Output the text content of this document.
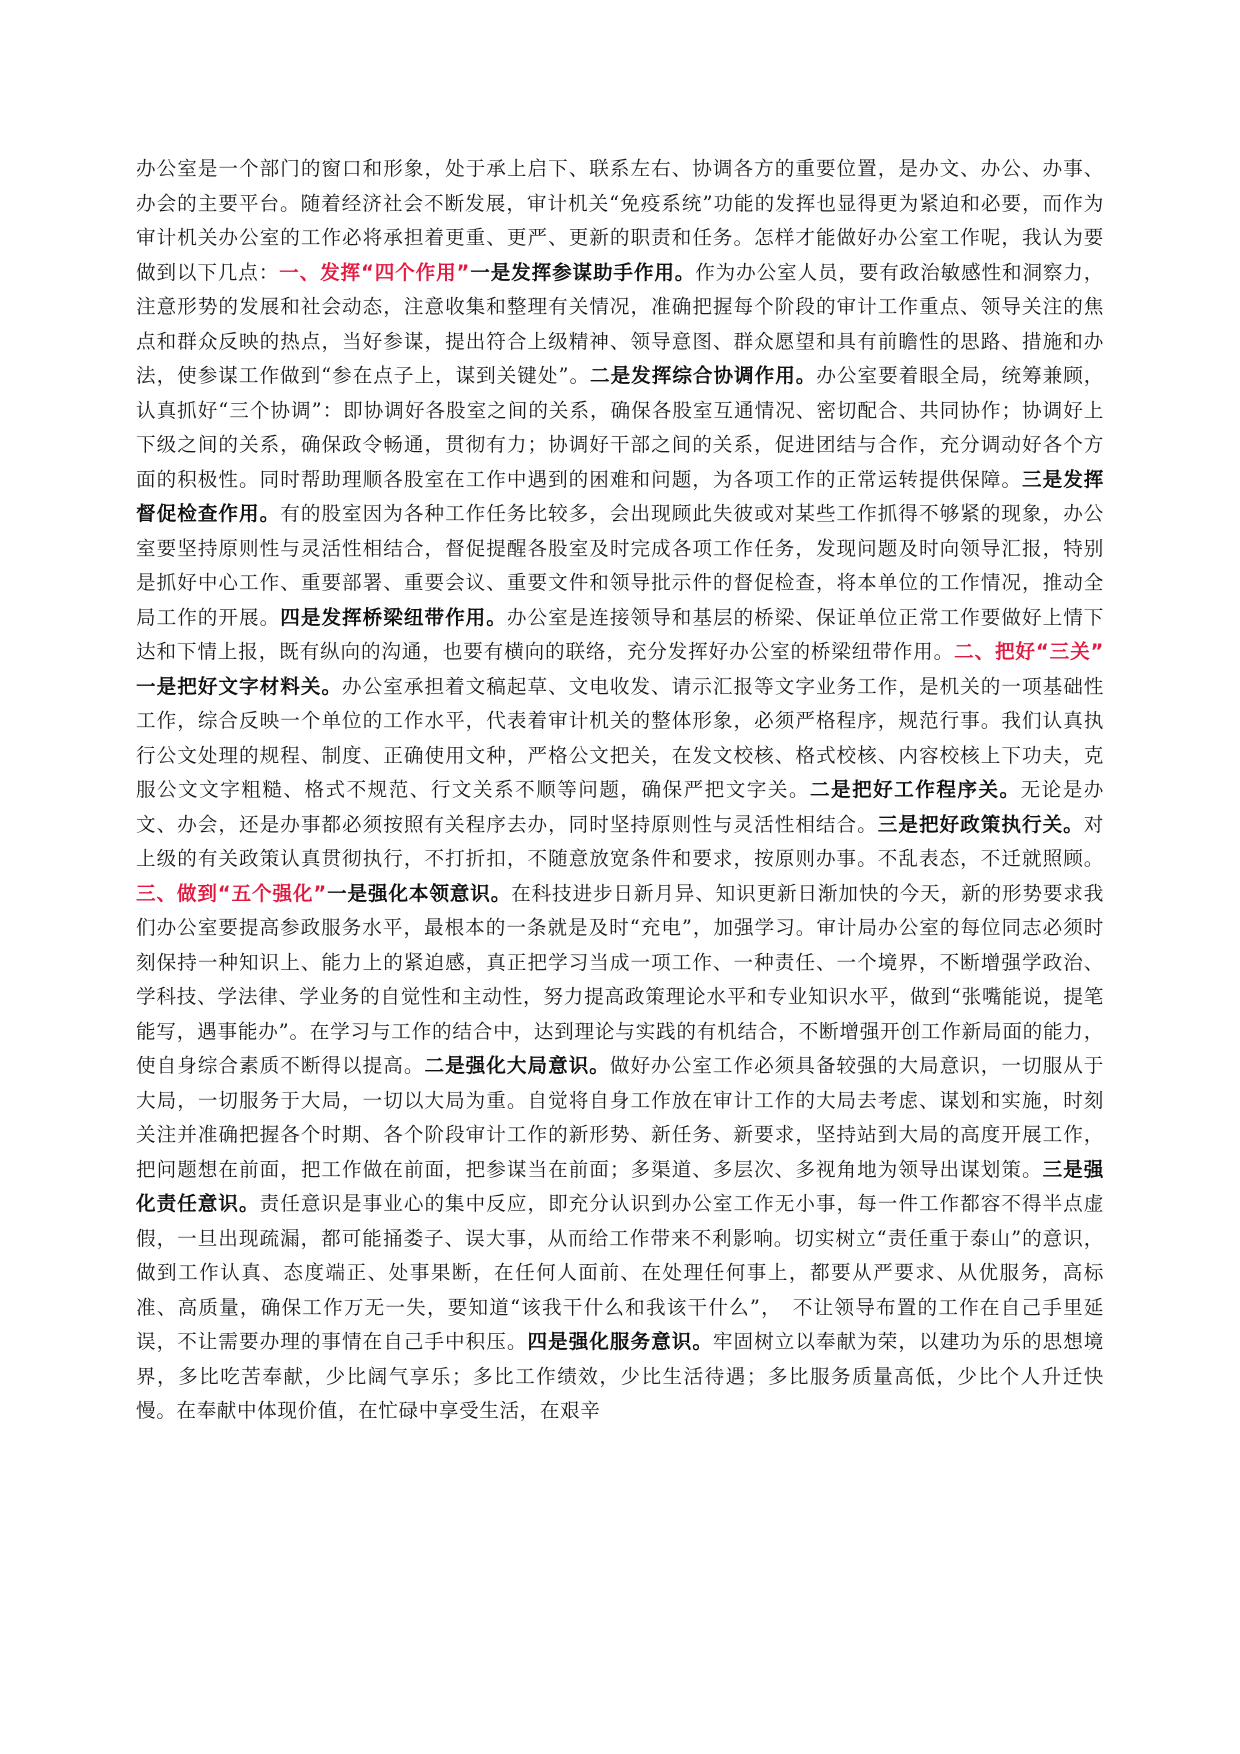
办公室是一个部门的窗口和形象，处于承上启下、联系左右、协调各方的重要位置，是办文、办公、办事、办会的主要平台。随着经济社会不断发展，审计机关“免疫系统”功能的发挥也显得更为紧迫和必要，而作为审计机关办公室的工作必将承担着更重、更严、更新的职责和任务。怎样才能做好办公室工作呢，我认为要做到以下几点：一、发挥“四个作用”一是发挥参谋助手作用。作为办公室人员，要有政治敏感性和洞察力，注意形势的发展和社会动态，注意收集和整理有关情况，准确把握每个阶段的审计工作重点、领导关注的焦点和群众反映的热点，当好参谋，提出符合上级精神、领导意图、群众愿望和具有前瞻性的思路、措施和办法，使参谋工作做到“参在点子上，谋到关键处”。二是发挥综合协调作用。办公室要着眼全局，统筹兼顾，认真抓好“三个协调”：即协调好各股室之间的关系，确保各股室互通情况、密切配合、共同协作；协调好上下级之间的关系，确保政令畅通，贯彻有力；协调好干部之间的关系，促进团结与合作，充分调动好各个方面的积极性。同时帮助理顺各股室在工作中遇到的困难和问题，为各项工作的正常运转提供保障。三是发挥督促检查作用。有的股室因为各种工作任务比较多，会出现顾此失彼或对某些工作抓得不够紧的现象，办公室要坚持原则性与灵活性相结合，督促提醒各股室及时完成各项工作任务，发现问题及时向领导汇报，特别是抓好中心工作、重要部署、重要会议、重要文件和领导批示件的督促检查，将本单位的工作情况，推动全局工作的开展。四是发挥桥梁纽带作用。办公室是连接领导和基层的桥梁、保证单位正常工作要做好上情下达和下情上报，既有纵向的沟通，也要有横向的联络，充分发挥好办公室的桥梁纽带作用。二、把好“三关”　一是把好文字材料关。办公室承担着文稿起草、文电收发、请示汇报等文字业务工作，是机关的一项基础性工作，综合反映一个单位的工作水平，代表着审计机关的整体形象，必须严格程序，规范行事。我们认真执行公文处理的规程、制度、正确使用文种，严格公文把关，在发文校核、格式校核、内容校核上下功夫，克服公文文字粗糙、格式不规范、行文关系不顺等问题，确保严把文字关。二是把好工作程序关。无论是办文、办会，还是办事都必须按照有关程序去办，同时坚持原则性与灵活性相结合。三是把好政策执行关。对上级的有关政策认真贯彻执行，不打折扣，不随意放宽条件和要求，按原则办事。不乱表态，不迁就照顾。三、做到“五个强化”一是强化本领意识。在科技进步日新月异、知识更新日渐加快的今天，新的形势要求我们办公室要提高参政服务水平，最根本的一条就是及时“充电”，加强学习。审计局办公室的每位同志必须时刻保持一种知识上、能力上的紧迫感，真正把学习当成一项工作、一种责任、一个境界，不断增强学政治、学科技、学法律、学业务的自觉性和主动性，努力提高政策理论水平和专业知识水平，做到“张嘴能说，提笔能写，遇事能办”。在学习与工作的结合中，达到理论与实践的有机结合，不断增强开创工作新局面的能力，使自身综合素质不断得以提高。二是强化大局意识。做好办公室工作必须具备较强的大局意识，一切服从于大局，一切服务于大局，一切以大局为重。自觉将自身工作放在审计工作的大局去考虑、谋划和实施，时刻关注并准确把握各个时期、各个阶段审计工作的新形势、新任务、新要求，坚持站到大局的高度开展工作，把问题想在前面，把工作做在前面，把参谋当在前面；多渠道、多层次、多视角地为领导出谋划策。三是强化责任意识。责任意识是事业心的集中反应，即充分认识到办公室工作无小事，每一件工作都容不得半点虚假，一旦出现疏漏，都可能捅娄子、误大事，从而给工作带来不利影响。切实树立“责任重于泰山”的意识，做到工作认真、态度端正、处事果断，在任何人面前、在处理任何事上，都要从严要求、从优服务，高标准、高质量，确保工作万无一失，要知道“该我干什么和我该干什么”，　不让领导布置的工作在自己手里延误，不让需要办理的事情在自己手中积压。四是强化服务意识。牢固树立以奉献为荣，以建功为乐的思想境界，多比吃苦奉献，少比阔气享乐；多比工作绩效，少比生活待遇；多比服务质量高低，少比个人升迁快慢。在奉献中体现价值，在忙碌中享受生活，在艰辛
